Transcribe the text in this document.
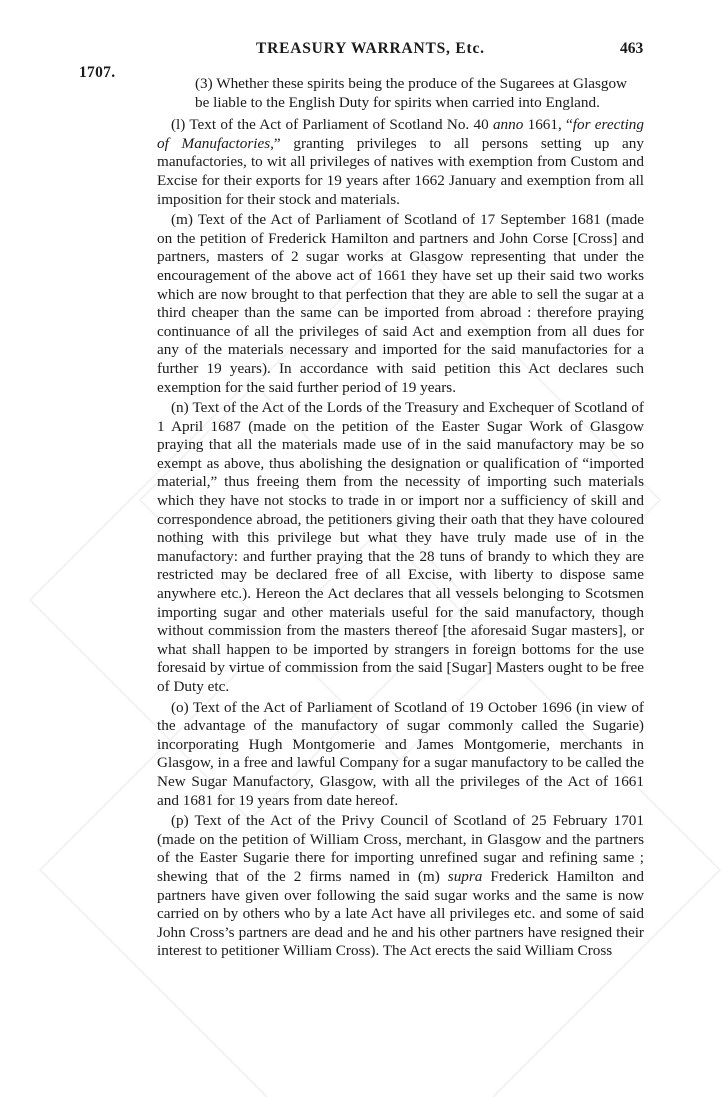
TREASURY WARRANTS, Etc.	463
1707.

(3) Whether these spirits being the produce of the Sugarees at Glasgow be liable to the English Duty for spirits when carried into England.

(l) Text of the Act of Parliament of Scotland No. 40 anno 1661, “for erecting of Manufactories,” granting privileges to all persons setting up any manufactories, to wit all privileges of natives with exemption from Custom and Excise for their exports for 19 years after 1662 January and exemption from all imposition for their stock and materials.

(m) Text of the Act of Parliament of Scotland of 17 September 1681 (made on the petition of Frederick Hamilton and partners and John Corse [Cross] and partners, masters of 2 sugar works at Glasgow representing that under the encouragement of the above act of 1661 they have set up their said two works which are now brought to that perfection that they are able to sell the sugar at a third cheaper than the same can be imported from abroad : therefore praying continuance of all the privileges of said Act and exemption from all dues for any of the materials necessary and imported for the said manufactories for a further 19 years). In accordance with said petition this Act declares such exemption for the said further period of 19 years.

(n) Text of the Act of the Lords of the Treasury and Exchequer of Scotland of 1 April 1687 (made on the petition of the Easter Sugar Work of Glasgow praying that all the materials made use of in the said manufactory may be so exempt as above, thus abolishing the designation or qualification of “imported material,” thus freeing them from the necessity of importing such materials which they have not stocks to trade in or import nor a sufficiency of skill and correspondence abroad, the petitioners giving their oath that they have coloured nothing with this privilege but what they have truly made use of in the manufactory: and further praying that the 28 tuns of brandy to which they are restricted may be declared free of all Excise, with liberty to dispose same anywhere etc.). Hereon the Act declares that all vessels belonging to Scotsmen importing sugar and other materials useful for the said manufactory, though without commission from the masters thereof [the aforesaid Sugar masters], or what shall happen to be imported by strangers in foreign bottoms for the use foresaid by virtue of commission from the said [Sugar] Masters ought to be free of Duty etc.

(o) Text of the Act of Parliament of Scotland of 19 October 1696 (in view of the advantage of the manufactory of sugar commonly called the Sugarie) incorporating Hugh Montgomerie and James Montgomerie, merchants in Glasgow, in a free and lawful Company for a sugar manufactory to be called the New Sugar Manufactory, Glasgow, with all the privileges of the Act of 1661 and 1681 for 19 years from date hereof.

(p) Text of the Act of the Privy Council of Scotland of 25 February 1701 (made on the petition of William Cross, merchant, in Glasgow and the partners of the Easter Sugarie there for importing unrefined sugar and refining same ; shewing that of the 2 firms named in (m) supra Frederick Hamilton and partners have given over following the said sugar works and the same is now carried on by others who by a late Act have all privileges etc. and some of said John Cross’s partners are dead and he and his other partners have resigned their interest to petitioner William Cross). The Act erects the said William Cross
